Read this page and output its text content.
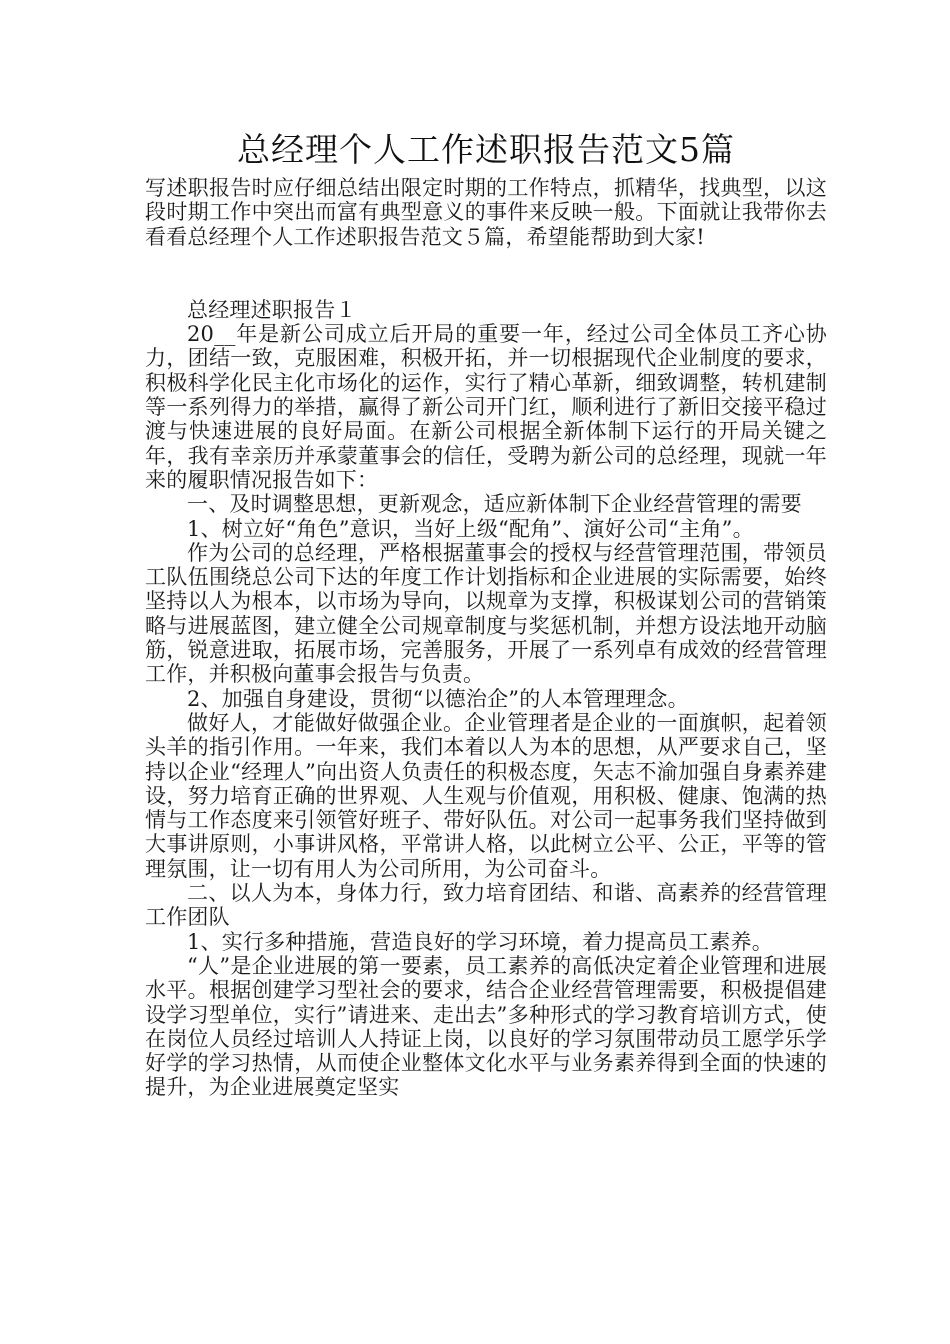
总经理个人工作述职报告范文5篇

写述职报告时应仔细总结出限定时期的工作特点，抓精华，找典型，以这段时期工作中突出而富有典型意义的事件来反映一般。下面就让我带你去看看总经理个人工作述职报告范文５篇，希望能帮助到大家!

总经理述职报告１

20__年是新公司成立后开局的重要一年，经过公司全体员工齐心协力，团结一致，克服困难，积极开拓，并一切根据现代企业制度的要求，积极科学化民主化市场化的运作，实行了精心革新，细致调整，转机建制等一系列得力的举措，赢得了新公司开门红，顺利进行了新旧交接平稳过渡与快速进展的良好局面。在新公司根据全新体制下运行的开局关键之年，我有幸亲历并承蒙董事会的信任，受聘为新公司的总经理，现就一年来的履职情况报告如下：

一、及时调整思想，更新观念，适应新体制下企业经营管理的需要

1、树立好“角色”意识，当好上级“配角”、演好公司“主角”。

作为公司的总经理，严格根据董事会的授权与经营管理范围，带领员工队伍围绕总公司下达的年度工作计划指标和企业进展的实际需要，始终坚持以人为根本，以市场为导向，以规章为支撑，积极谋划公司的营销策略与进展蓝图，建立健全公司规章制度与奖惩机制，并想方设法地开动脑筋，锐意进取，拓展市场，完善服务，开展了一系列卓有成效的经营管理工作，并积极向董事会报告与负责。

2、加强自身建设，贯彻“以德治企”的人本管理理念。

做好人，才能做好做强企业。企业管理者是企业的一面旗帜，起着领头羊的指引作用。一年来，我们本着以人为本的思想，从严要求自己，坚持以企业“经理人”向出资人负责任的积极态度，矢志不渝加强自身素养建设，努力培育正确的世界观、人生观与价值观，用积极、健康、饱满的热情与工作态度来引领管好班子、带好队伍。对公司一起事务我们坚持做到大事讲原则，小事讲风格，平常讲人格，以此树立公平、公正，平等的管理氛围，让一切有用人为公司所用，为公司奋斗。

二、以人为本，身体力行，致力培育团结、和谐、高素养的经营管理工作团队

1、实行多种措施，营造良好的学习环境，着力提高员工素养。

“人”是企业进展的第一要素，员工素养的高低决定着企业管理和进展水平。根据创建学习型社会的要求，结合企业经营管理需要，积极提倡建设学习型单位，实行”请进来、走出去”多种形式的学习教育培训方式，使在岗位人员经过培训人人持证上岗，以良好的学习氛围带动员工愿学乐学好学的学习热情，从而使企业整体文化水平与业务素养得到全面的快速的提升，为企业进展奠定坚实
